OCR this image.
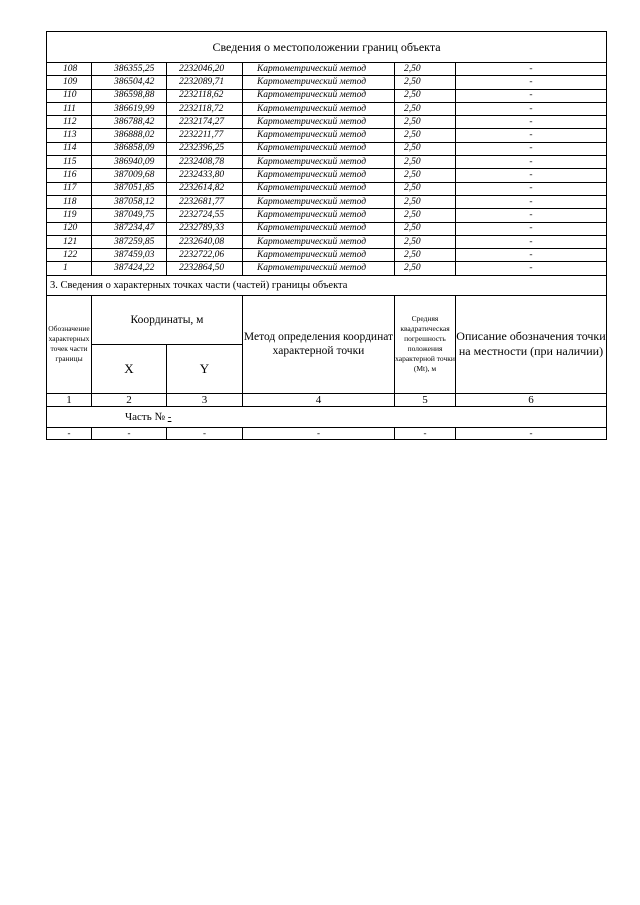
Сведения о местоположении границ объекта					
108	386355,25	2232046,20	Картометрический метод	2,50	-
109	386504,42	2232089,71	Картометрический метод	2,50	-
110	386598,88	2232118,62	Картометрический метод	2,50	-
111	386619,99	2232118,72	Картометрический метод	2,50	-
112	386788,42	2232174,27	Картометрический метод	2,50	-
113	386888,02	2232211,77	Картометрический метод	2,50	-
114	386858,09	2232396,25	Картометрический метод	2,50	-
115	386940,09	2232408,78	Картометрический метод	2,50	-
116	387009,68	2232433,80	Картометрический метод	2,50	-
117	387051,85	2232614,82	Картометрический метод	2,50	-
118	387058,12	2232681,77	Картометрический метод	2,50	-
119	387049,75	2232724,55	Картометрический метод	2,50	-
120	387234,47	2232789,33	Картометрический метод	2,50	-
121	387259,85	2232640,08	Картометрический метод	2,50	-
122	387459,03	2232722,06	Картометрический метод	2,50	-
1	387424,22	2232864,50	Картометрический метод	2,50	-
3. Сведения о характерных точках части (частей) границы объекта					
Обозначение характерных точек части границы	Координаты, м		Метод определения координат характерной точки	Средняя квадратическая погрешность положения характерной точки (Mt), м	Описание обозначения точки на местности (при наличии)
	X	Y			
1	2	3	4	5	6
Часть № -					
-	-	-	-	-	-
